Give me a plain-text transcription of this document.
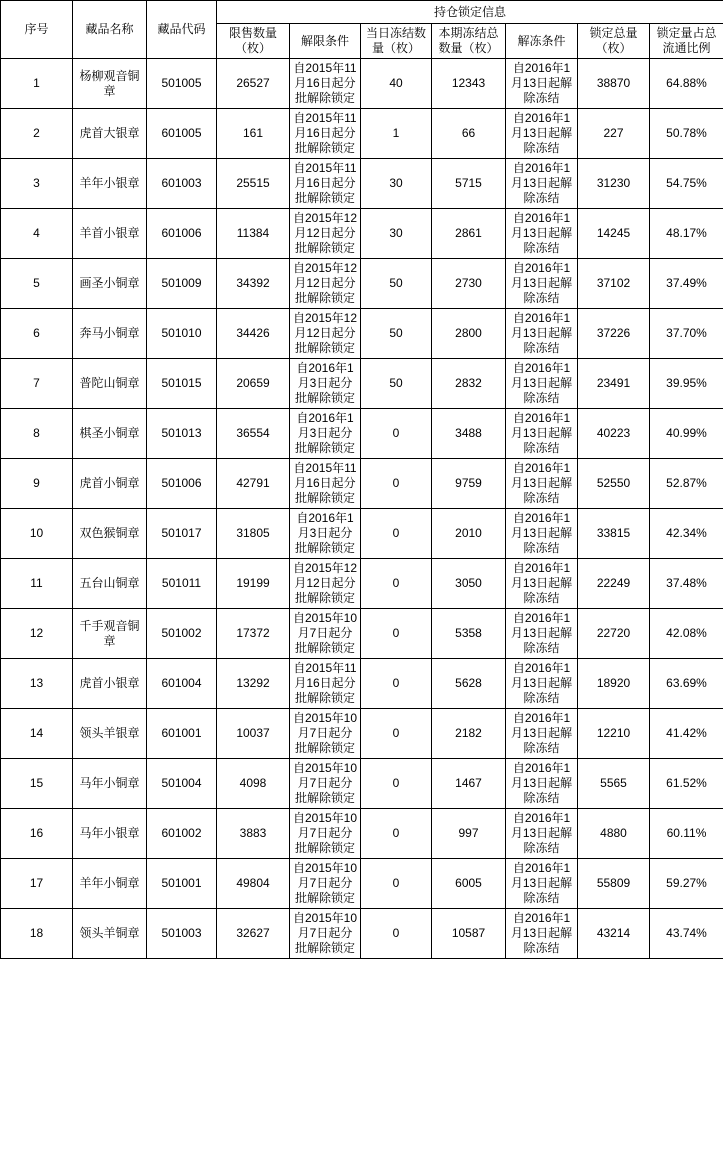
序号	藏品名称	藏品代码	持仓锁定信息						
			限售数量（枚）	解限条件	当日冻结数量（枚）	本期冻结总数量（枚）	解冻条件	锁定总量（枚）	锁定量占总流通比例
1	杨柳观音铜章	501005	26527	自2015年11月16日起分批解除锁定	40	12343	自2016年1月13日起解除冻结	38870	64.88%
2	虎首大银章	601005	161	自2015年11月16日起分批解除锁定	1	66	自2016年1月13日起解除冻结	227	50.78%
3	羊年小银章	601003	25515	自2015年11月16日起分批解除锁定	30	5715	自2016年1月13日起解除冻结	31230	54.75%
4	羊首小银章	601006	11384	自2015年12月12日起分批解除锁定	30	2861	自2016年1月13日起解除冻结	14245	48.17%
5	画圣小铜章	501009	34392	自2015年12月12日起分批解除锁定	50	2730	自2016年1月13日起解除冻结	37102	37.49%
6	奔马小铜章	501010	34426	自2015年12月12日起分批解除锁定	50	2800	自2016年1月13日起解除冻结	37226	37.70%
7	普陀山铜章	501015	20659	自2016年1月3日起分批解除锁定	50	2832	自2016年1月13日起解除冻结	23491	39.95%
8	棋圣小铜章	501013	36554	自2016年1月3日起分批解除锁定	0	3488	自2016年1月13日起解除冻结	40223	40.99%
9	虎首小铜章	501006	42791	自2015年11月16日起分批解除锁定	0	9759	自2016年1月13日起解除冻结	52550	52.87%
10	双色猴铜章	501017	31805	自2016年1月3日起分批解除锁定	0	2010	自2016年1月13日起解除冻结	33815	42.34%
11	五台山铜章	501011	19199	自2015年12月12日起分批解除锁定	0	3050	自2016年1月13日起解除冻结	22249	37.48%
12	千手观音铜章	501002	17372	自2015年10月7日起分批解除锁定	0	5358	自2016年1月13日起解除冻结	22720	42.08%
13	虎首小银章	601004	13292	自2015年11月16日起分批解除锁定	0	5628	自2016年1月13日起解除冻结	18920	63.69%
14	领头羊银章	601001	10037	自2015年10月7日起分批解除锁定	0	2182	自2016年1月13日起解除冻结	12210	41.42%
15	马年小铜章	501004	4098	自2015年10月7日起分批解除锁定	0	1467	自2016年1月13日起解除冻结	5565	61.52%
16	马年小银章	601002	3883	自2015年10月7日起分批解除锁定	0	997	自2016年1月13日起解除冻结	4880	60.11%
17	羊年小铜章	501001	49804	自2015年10月7日起分批解除锁定	0	6005	自2016年1月13日起解除冻结	55809	59.27%
18	领头羊铜章	501003	32627	自2015年10月7日起分批解除锁定	0	10587	自2016年1月13日起解除冻结	43214	43.74%
